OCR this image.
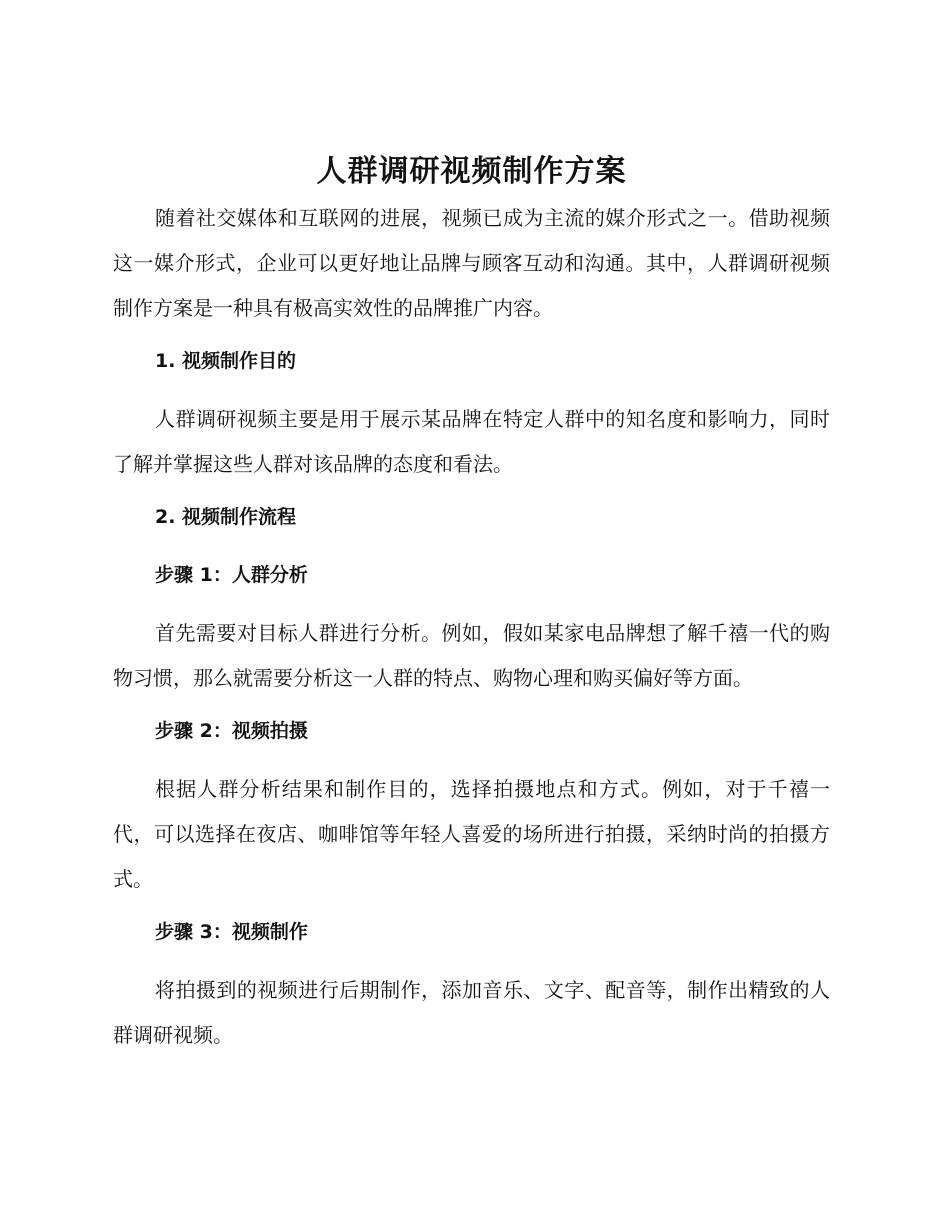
人群调研视频制作方案

随着社交媒体和互联网的进展，视频已成为主流的媒介形式之一。借助视频这一媒介形式，企业可以更好地让品牌与顾客互动和沟通。其中，人群调研视频制作方案是一种具有极高实效性的品牌推广内容。

1. 视频制作目的

人群调研视频主要是用于展示某品牌在特定人群中的知名度和影响力，同时了解并掌握这些人群对该品牌的态度和看法。

2. 视频制作流程
步骤 1：人群分析

首先需要对目标人群进行分析。例如，假如某家电品牌想了解千禧一代的购物习惯，那么就需要分析这一人群的特点、购物心理和购买偏好等方面。

步骤 2：视频拍摄

根据人群分析结果和制作目的，选择拍摄地点和方式。例如，对于千禧一代，可以选择在夜店、咖啡馆等年轻人喜爱的场所进行拍摄，采纳时尚的拍摄方式。

步骤 3：视频制作

将拍摄到的视频进行后期制作，添加音乐、文字、配音等，制作出精致的人群调研视频。
